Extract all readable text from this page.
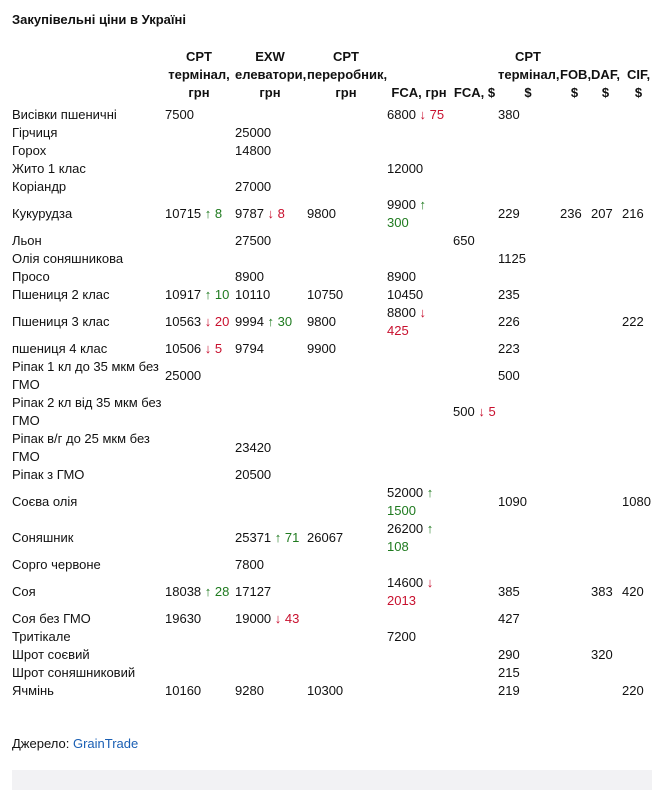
Закупівельні ціни в Україні
	CPT термінал, грн	EXW елеватори, грн	CPT переробник, грн	FCA, грн	FCA, $	CPT термінал, $	FOB, $	DAF, $	CIF, $
Висівки пшеничні	7500			6800 ↓ 75		380			
Гірчиця		25000							
Горох		14800							
Жито 1 клас				12000					
Коріандр		27000							
Кукурудза	10715 ↑ 8	9787 ↓ 8	9800	9900 ↑ 300		229	236	207	216
Льон		27500			650				
Олія соняшникова						1125			
Просо		8900		8900					
Пшениця 2 клас	10917 ↑ 10	10110	10750	10450		235			
Пшениця 3 клас	10563 ↓ 20	9994 ↑ 30	9800	8800 ↓ 425		226			222
пшениця 4 клас	10506 ↓ 5	9794	9900			223			
Ріпак 1 кл до 35 мкм без ГМО	25000					500			
Ріпак 2 кл від 35 мкм без ГМО					500 ↓ 5				
Ріпак в/г до 25 мкм без ГМО		23420							
Ріпак з ГМО		20500							
Соєва олія				52000 ↑ 1500		1090			1080
Соняшник		25371 ↑ 71	26067	26200 ↑ 108					
Сорго червоне		7800							
Соя	18038 ↑ 28	17127		14600 ↓ 2013		385		383	420
Соя без ГМО	19630	19000 ↓ 43				427			
Тритікале				7200					
Шрот соєвий						290		320	
Шрот соняшниковий						215			
Ячмінь	10160	9280	10300			219			220
Джерело: GrainTrade
